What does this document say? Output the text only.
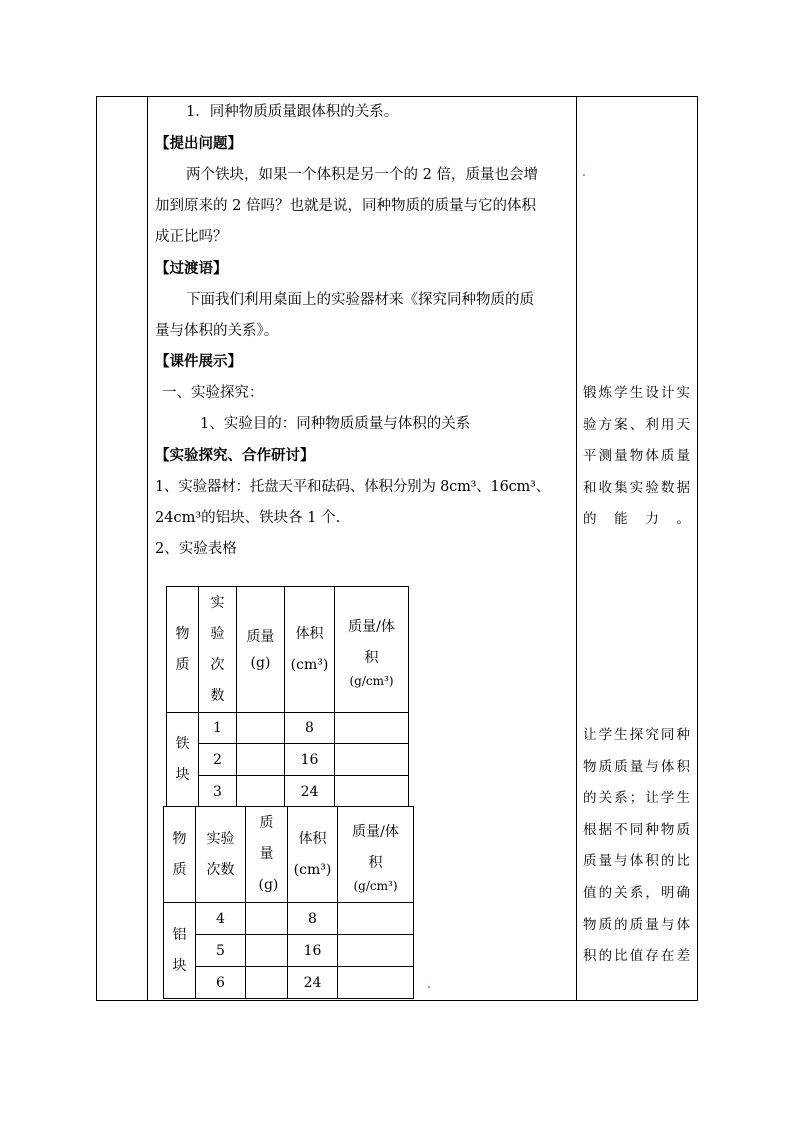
1．同种物质质量跟体积的关系。
【提出问题】
两个铁块，如果一个体积是另一个的 2 倍，质量也会增
加到原来的 2 倍吗？也就是说，同种物质的质量与它的体积
成正比吗？
【过渡语】
下面我们利用桌面上的实验器材来《探究同种物质的质
量与体积的关系》。
【课件展示】
一、实验探究：
1、实验目的：同种物质质量与体积的关系
【实验探究、合作研讨】
1、实验器材：托盘天平和砝码、体积分别为 8cm³、16cm³、
24cm³的铝块、铁块各 1 个.
2、实验表格
物质	实验次数	质量(g)	体积(cm³)	质量/体积
(g/cm³)

铁块	1		8	
	2		16	
	3		24	
物质	实验次数	质量(g)	体积(cm³)	质量/体积
(g/cm³)

铝块	4		8	
	5		16	
	6		24	
锻炼学生设计实验方案、利用天平测量物体质量和收集实验数据的能力。
让学生探究同种物质质量与体积的关系；让学生根据不同种物质质量与体积的比值的关系，明确物质的质量与体积的比值存在差
